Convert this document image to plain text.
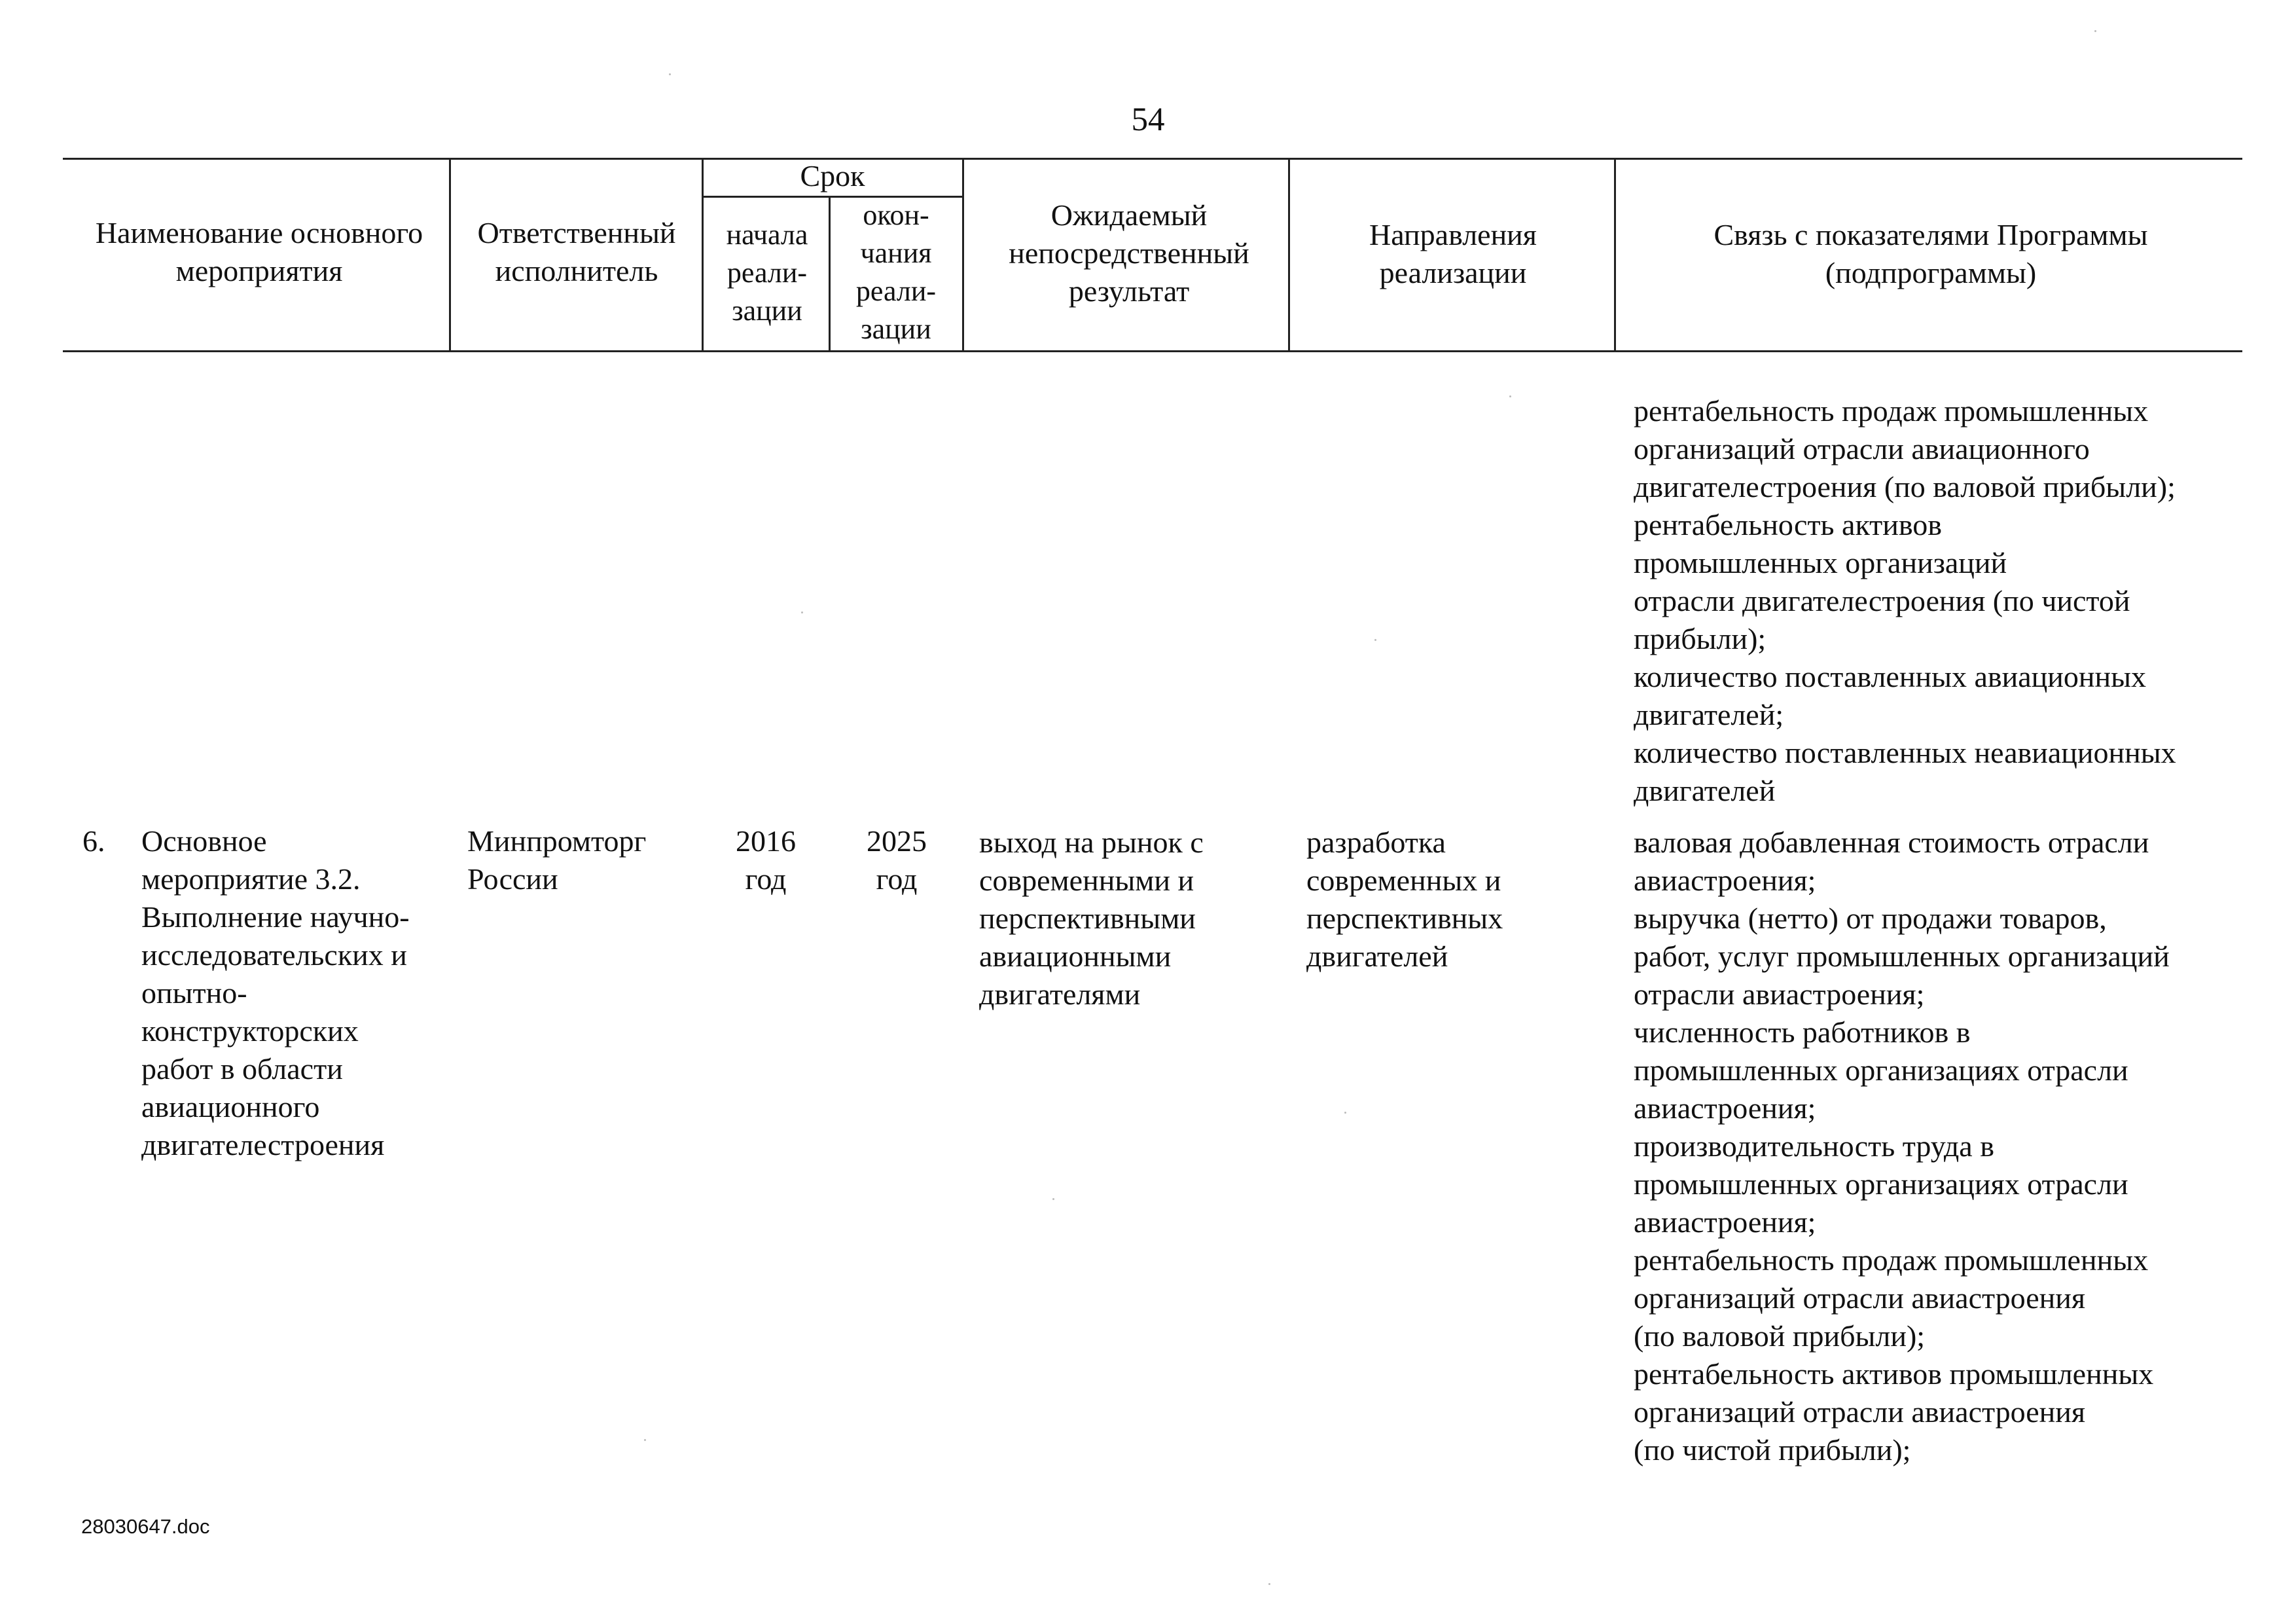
54
Наименование основного мероприятия
Ответственный исполнитель
Срок
начала реали-зации
окон-чания реали-зации
Ожидаемый непосредственный результат
Направления реализации
Связь с показателями Программы (подпрограммы)
рентабельность продаж промышленных
организаций отрасли авиационного
двигателестроения (по валовой прибыли);
рентабельность активов
промышленных организаций
отрасли двигателестроения (по чистой
прибыли);
количество поставленных авиационных
двигателей;
количество поставленных неавиационных
двигателей
6. Основное
мероприятие 3.2.
Выполнение научно-
исследовательских и
опытно-
конструкторских
работ в области
авиационного
двигателестроения
Минпромторг
России
2016
год
2025
год
выход на рынок с
современными и
перспективными
авиационными
двигателями
разработка
современных и
перспективных
двигателей
валовая добавленная стоимость отрасли
авиастроения;
выручка (нетто) от продажи товаров,
работ, услуг промышленных организаций
отрасли авиастроения;
численность работников в
промышленных организациях отрасли
авиастроения;
производительность труда в
промышленных организациях отрасли
авиастроения;
рентабельность продаж промышленных
организаций отрасли авиастроения
(по валовой прибыли);
рентабельность активов промышленных
организаций отрасли авиастроения
(по чистой прибыли);
28030647.doc
